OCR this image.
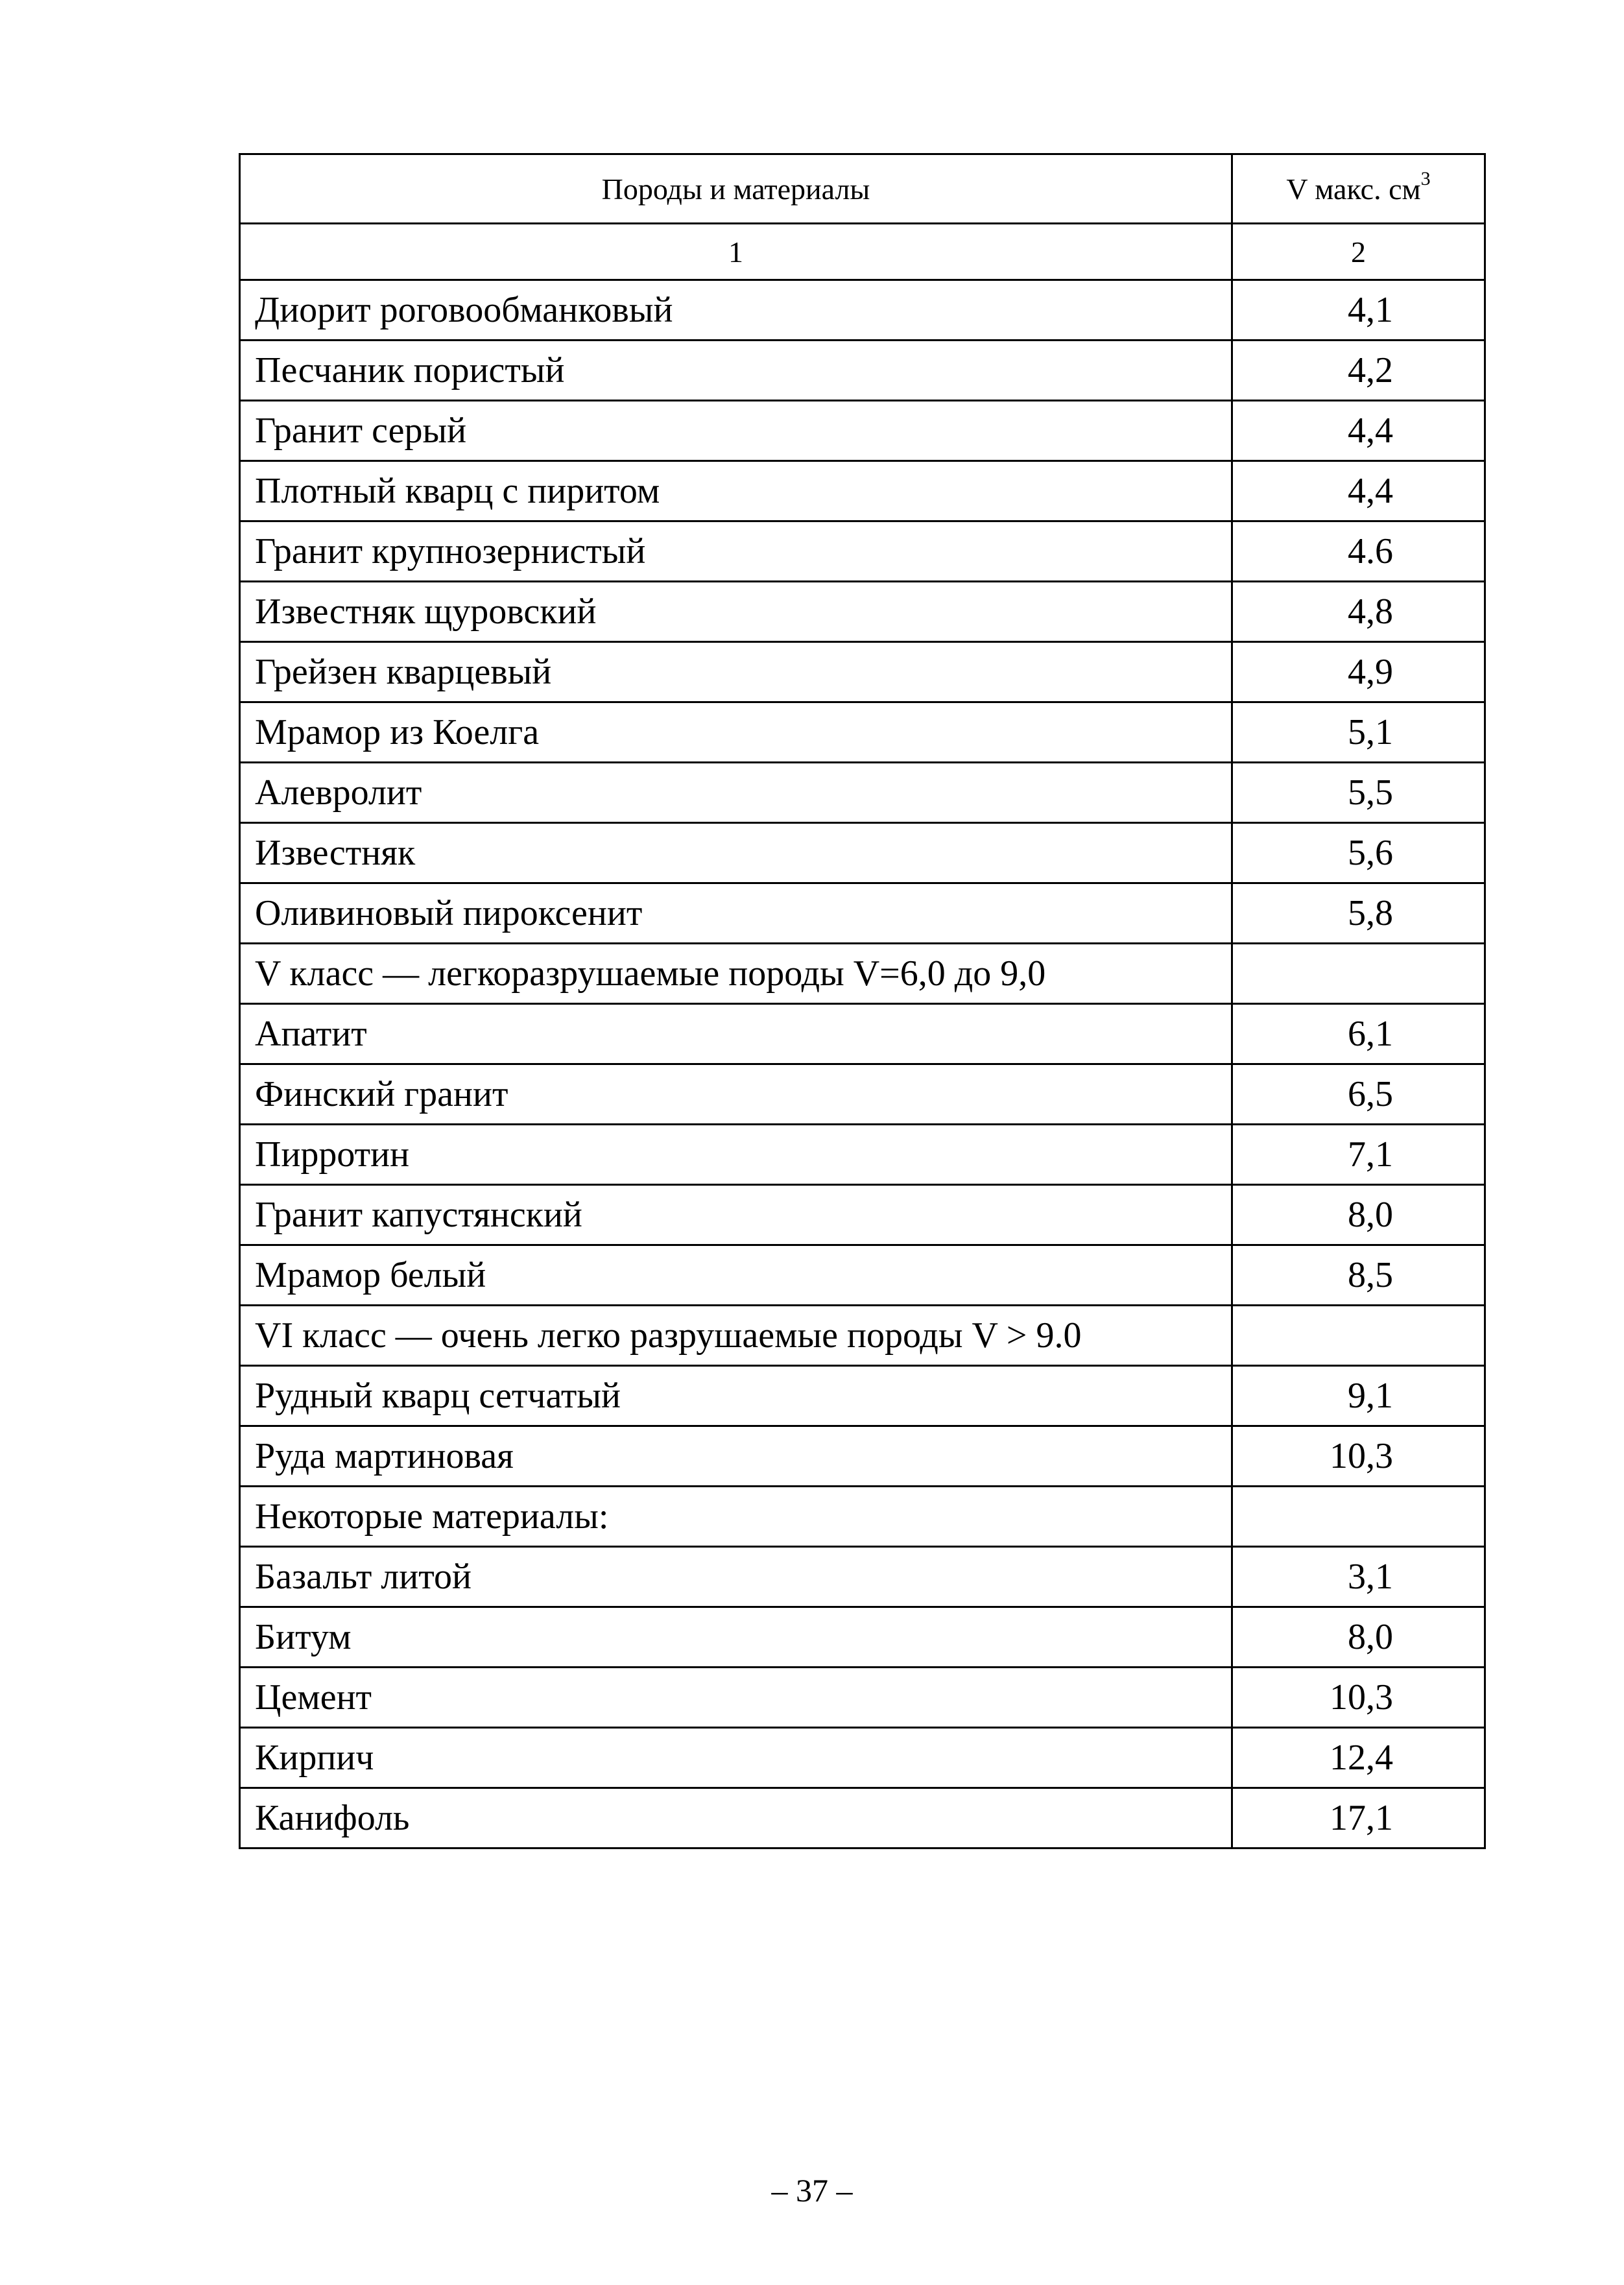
Породы и материалы	V макс. $см^3$
1	2
Диорит роговообманковый	4,1
Песчаник пористый	4,2
Гранит серый	4,4
Плотный кварц с пиритом	4,4
Гранит крупнозернистый	4.6
Известняк щуровский	4,8
Грейзен кварцевый	4,9
Мрамор из Коелга	5,1
Алевролит	5,5
Известняк	5,6
Оливиновый пироксенит	5,8
V класс — легкоразрушаемые породы V=6,0 до 9,0	
Апатит	6,1
Финский гранит	6,5
Пирротин	7,1
Гранит капустянский	8,0
Мрамор белый	8,5
VI класс — очень легко разрушаемые породы V > 9.0	
Рудный кварц сетчатый	9,1
Руда мартиновая	10,3
Некоторые материалы:	
Базальт литой	3,1
Битум	8,0
Цемент	10,3
Кирпич	12,4
Канифоль	17,1
– 37 –
